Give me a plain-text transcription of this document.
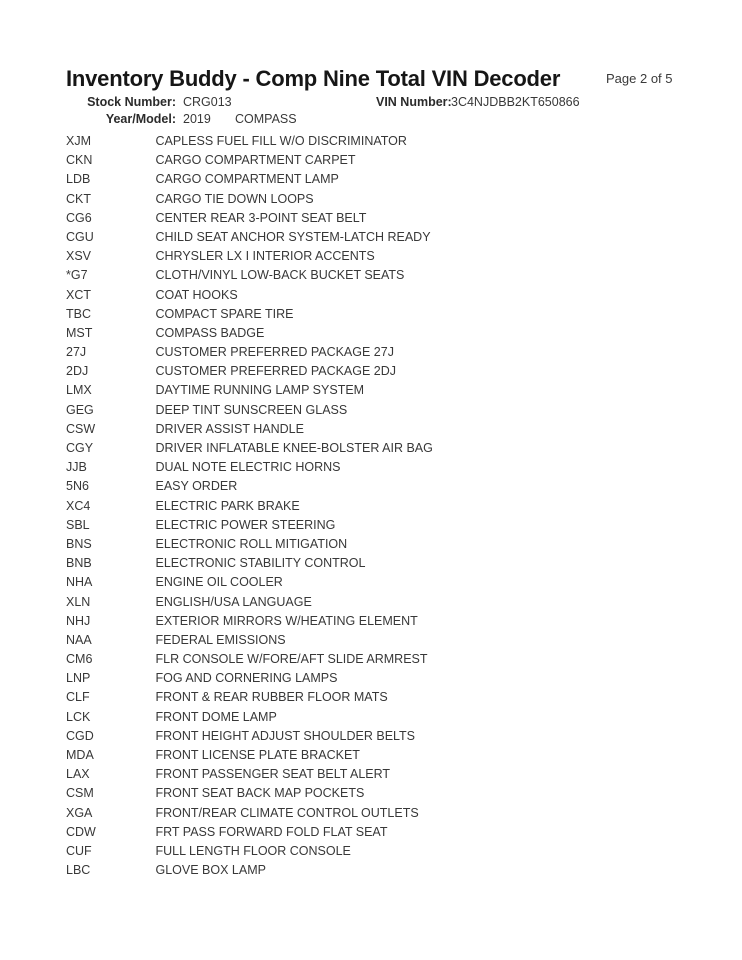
Inventory Buddy - Comp Nine Total VIN Decoder	Page 2 of 5
Stock Number: CRG013	VIN Number: 3C4NJDBB2KT650866
Year/Model: 2019 COMPASS
XJM	CAPLESS FUEL FILL W/O DISCRIMINATOR
CKN	CARGO COMPARTMENT CARPET
LDB	CARGO COMPARTMENT LAMP
CKT	CARGO TIE DOWN LOOPS
CG6	CENTER REAR 3-POINT SEAT BELT
CGU	CHILD SEAT ANCHOR SYSTEM-LATCH READY
XSV	CHRYSLER LX I INTERIOR ACCENTS
*G7	CLOTH/VINYL LOW-BACK BUCKET SEATS
XCT	COAT HOOKS
TBC	COMPACT SPARE TIRE
MST	COMPASS BADGE
27J	CUSTOMER PREFERRED PACKAGE 27J
2DJ	CUSTOMER PREFERRED PACKAGE 2DJ
LMX	DAYTIME RUNNING LAMP SYSTEM
GEG	DEEP TINT SUNSCREEN GLASS
CSW	DRIVER ASSIST HANDLE
CGY	DRIVER INFLATABLE KNEE-BOLSTER AIR BAG
JJB	DUAL NOTE ELECTRIC HORNS
5N6	EASY ORDER
XC4	ELECTRIC PARK BRAKE
SBL	ELECTRIC POWER STEERING
BNS	ELECTRONIC ROLL MITIGATION
BNB	ELECTRONIC STABILITY CONTROL
NHA	ENGINE OIL COOLER
XLN	ENGLISH/USA LANGUAGE
NHJ	EXTERIOR MIRRORS W/HEATING ELEMENT
NAA	FEDERAL EMISSIONS
CM6	FLR CONSOLE W/FORE/AFT SLIDE ARMREST
LNP	FOG AND CORNERING LAMPS
CLF	FRONT & REAR RUBBER FLOOR MATS
LCK	FRONT DOME LAMP
CGD	FRONT HEIGHT ADJUST SHOULDER BELTS
MDA	FRONT LICENSE PLATE BRACKET
LAX	FRONT PASSENGER SEAT BELT ALERT
CSM	FRONT SEAT BACK MAP POCKETS
XGA	FRONT/REAR CLIMATE CONTROL OUTLETS
CDW	FRT PASS FORWARD FOLD FLAT SEAT
CUF	FULL LENGTH FLOOR CONSOLE
LBC	GLOVE BOX LAMP
